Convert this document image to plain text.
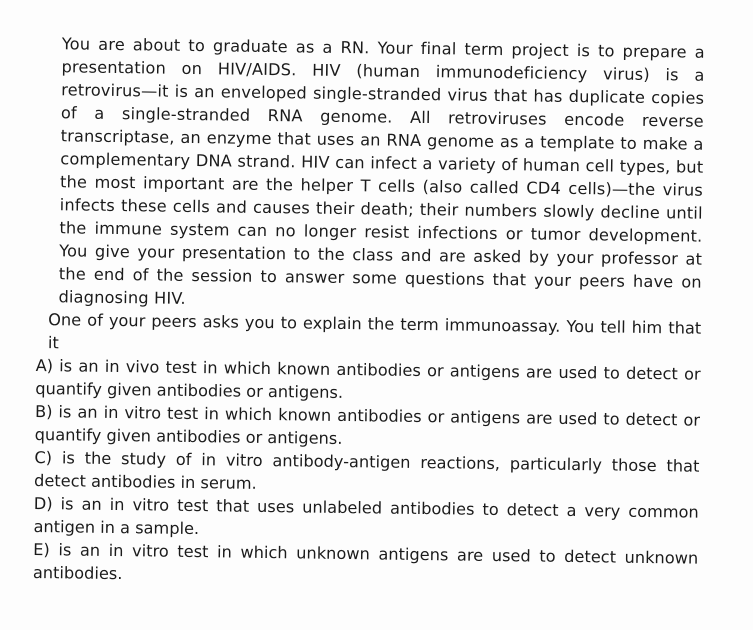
You are about to graduate as a RN. Your final term project is to prepare a presentation on HIV/AIDS. HIV (human immunodeficiency virus) is a retrovirus—it is an enveloped single-stranded virus that has duplicate copies of a single-stranded RNA genome. All retroviruses encode reverse transcriptase, an enzyme that uses an RNA genome as a template to make a complementary DNA strand. HIV can infect a variety of human cell types, but the most important are the helper T cells (also called CD4 cells)—the virus infects these cells and causes their death; their numbers slowly decline until the immune system can no longer resist infections or tumor development. You give your presentation to the class and are asked by your professor at the end of the session to answer some questions that your peers have on diagnosing HIV.

One of your peers asks you to explain the term immunoassay. You tell him that it

A) is an in vivo test in which known antibodies or antigens are used to detect or quantify given antibodies or antigens.
B) is an in vitro test in which known antibodies or antigens are used to detect or quantify given antibodies or antigens.
C) is the study of in vitro antibody-antigen reactions, particularly those that detect antibodies in serum.
D) is an in vitro test that uses unlabeled antibodies to detect a very common antigen in a sample.
E) is an in vitro test in which unknown antigens are used to detect unknown antibodies.
